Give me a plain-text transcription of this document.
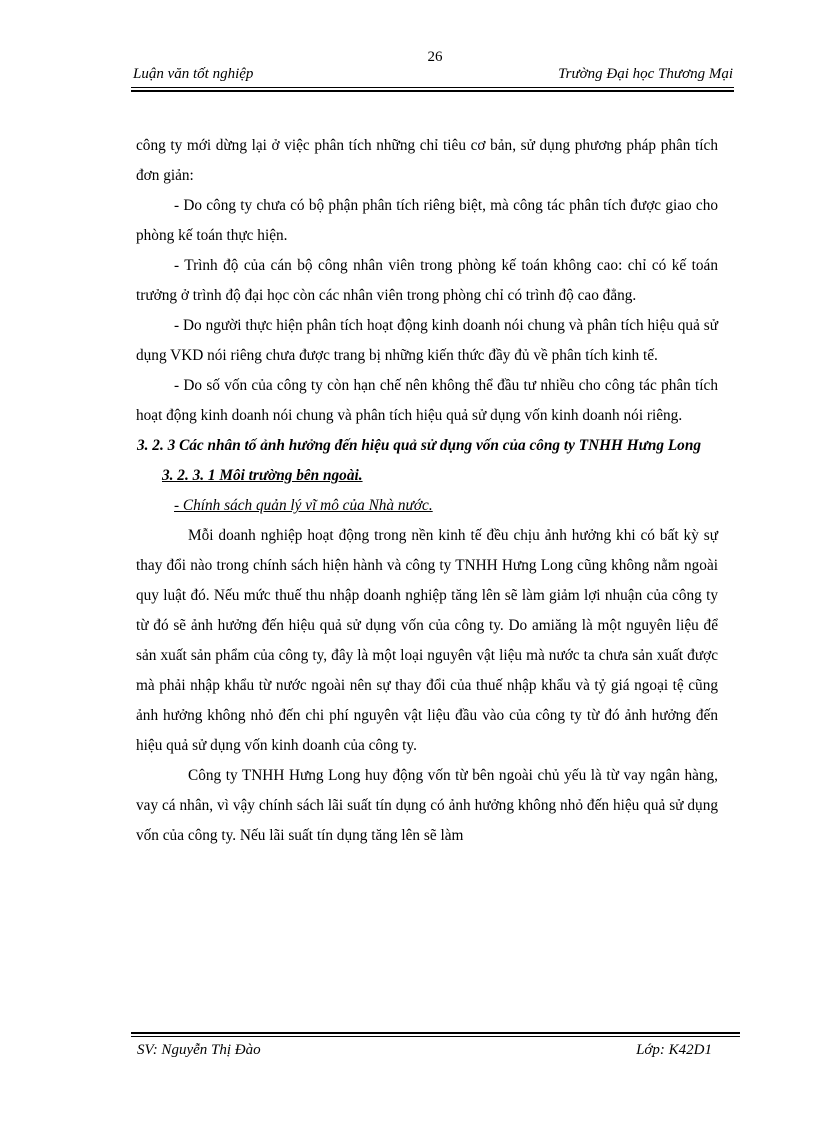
26
Luận văn tốt nghiệp	Trường Đại học Thương Mại

công ty mới dừng lại ở việc phân tích những chỉ tiêu cơ bản, sử dụng phương pháp phân tích đơn giản:

- Do công ty chưa có bộ phận phân tích riêng biệt, mà công tác phân tích được giao cho phòng kế toán thực hiện.

- Trình độ của cán bộ công nhân viên trong phòng kế toán không cao: chỉ có kế toán trưởng ở trình độ đại học còn các nhân viên trong phòng chỉ có trình độ cao đẳng.

- Do người thực hiện phân tích hoạt động kinh doanh nói chung và phân tích hiệu quả sử dụng VKD nói riêng chưa được trang bị những kiến thức đầy đủ về phân tích kinh tế.

- Do số vốn của công ty còn hạn chế nên không thể đầu tư nhiều cho công tác phân tích hoạt động kinh doanh nói chung và phân tích hiệu quả sử dụng vốn kinh doanh nói riêng.

3. 2. 3 Các nhân tố ảnh hưởng đến hiệu quả sử dụng vốn của công ty TNHH Hưng Long

3. 2. 3. 1 Môi trường bên ngoài.

- Chính sách quản lý vĩ mô của Nhà nước.

Mỗi doanh nghiệp hoạt động trong nền kinh tế đều chịu ảnh hưởng khi có bất kỳ sự thay đổi nào trong chính sách hiện hành và công ty TNHH Hưng Long cũng không nằm ngoài quy luật đó. Nếu mức thuế thu nhập doanh nghiệp tăng lên sẽ làm giảm lợi nhuận của công ty từ đó sẽ ảnh hưởng đến hiệu quả sử dụng vốn của công ty. Do amiăng là một nguyên liệu để sản xuất sản phẩm của công ty, đây là một loại nguyên vật liệu mà nước ta chưa sản xuất được mà phải nhập khẩu từ nước ngoài nên sự thay đổi của thuế nhập khẩu và tỷ giá ngoại tệ cũng ảnh hưởng không nhỏ đến chi phí nguyên vật liệu đầu vào của công ty từ đó ảnh hưởng đến hiệu quả sử dụng vốn kinh doanh của công ty.

Công ty TNHH Hưng Long huy động vốn từ bên ngoài chủ yếu là từ vay ngân hàng, vay cá nhân, vì vậy chính sách lãi suất tín dụng có ảnh hưởng không nhỏ đến hiệu quả sử dụng vốn của công ty. Nếu lãi suất tín dụng tăng lên sẽ làm

SV: Nguyễn Thị Đào	Lớp: K42D1
